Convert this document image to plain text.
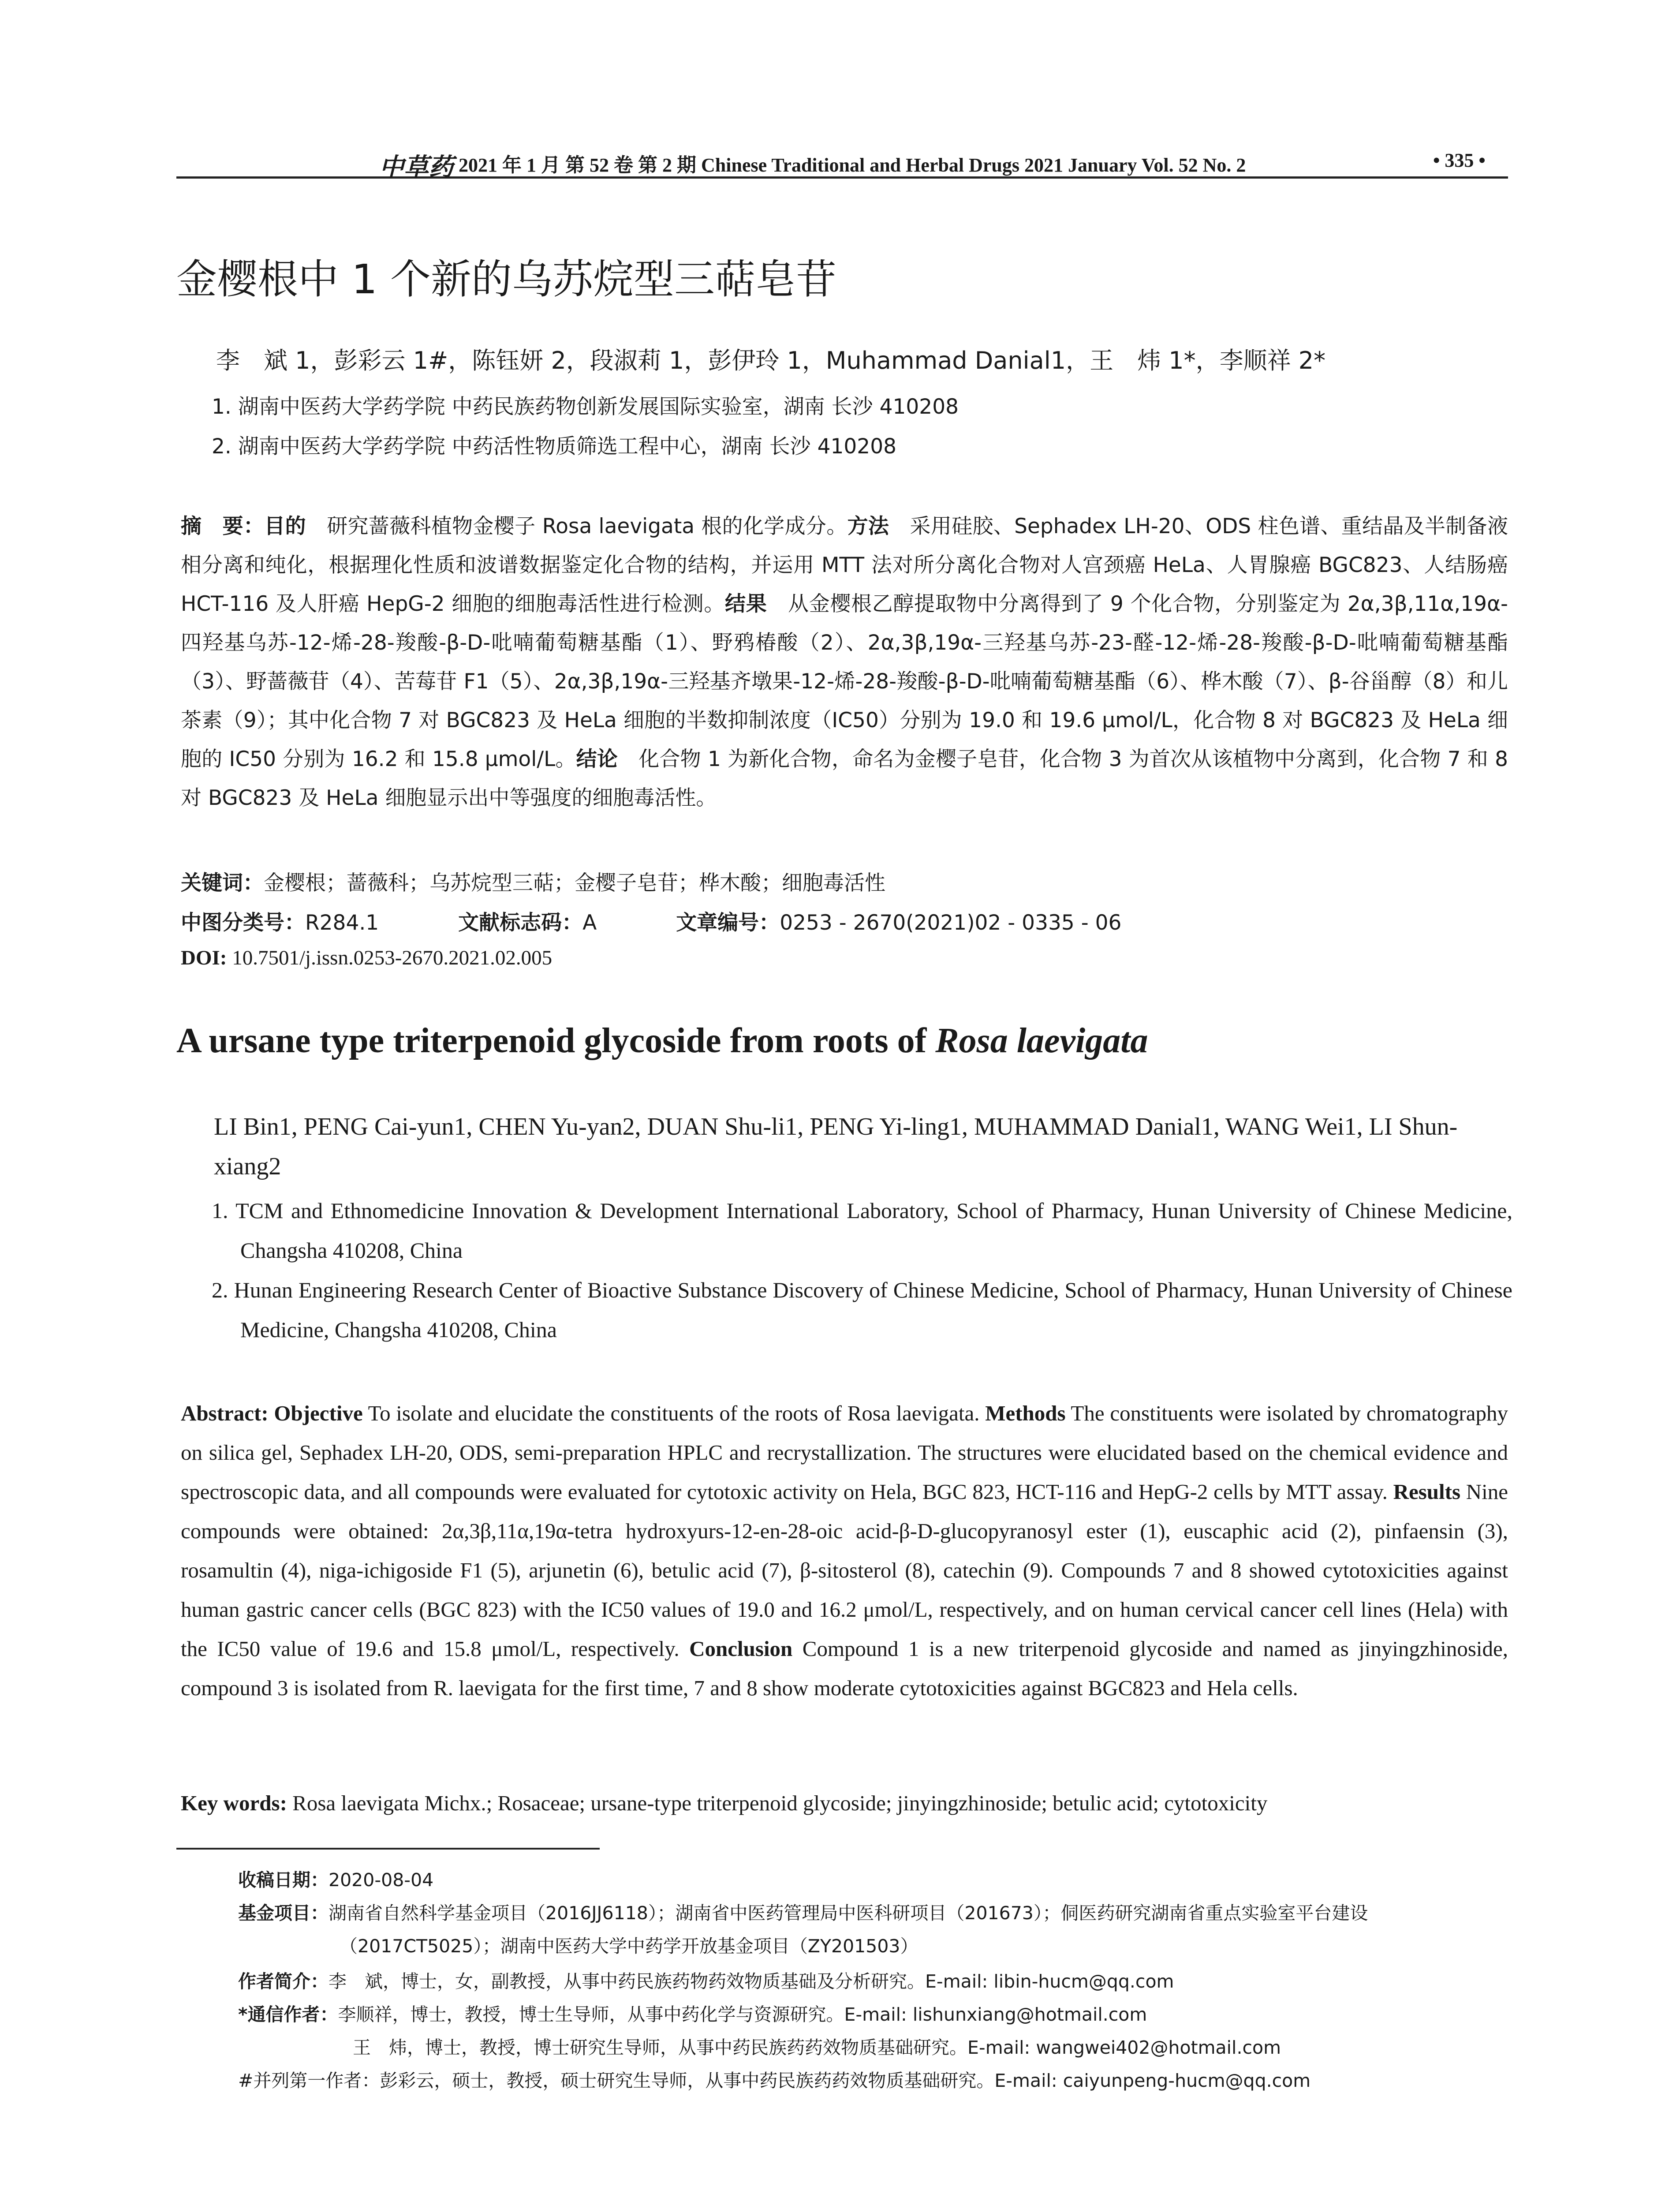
中草药 2021 年 1 月 第 52 卷 第 2 期 Chinese Traditional and Herbal Drugs 2021 January Vol. 52 No. 2	• 335 •
金樱根中 1 个新的乌苏烷型三萜皂苷
李　斌 1，彭彩云 1#，陈钰妍 2，段淑莉 1，彭伊玲 1，Muhammad Danial1，王　炜 1*，李顺祥 2*
1. 湖南中医药大学药学院 中药民族药物创新发展国际实验室，湖南 长沙 410208
2. 湖南中医药大学药学院 中药活性物质筛选工程中心，湖南 长沙 410208
摘　要：目的　研究蔷薇科植物金樱子 Rosa laevigata 根的化学成分。方法　采用硅胶、Sephadex LH-20、ODS 柱色谱、重结晶及半制备液相分离和纯化，根据理化性质和波谱数据鉴定化合物的结构，并运用 MTT 法对所分离化合物对人宫颈癌 HeLa、人胃腺癌 BGC823、人结肠癌 HCT-116 及人肝癌 HepG-2 细胞的细胞毒活性进行检测。结果　从金樱根乙醇提取物中分离得到了 9 个化合物，分别鉴定为 2α,3β,11α,19α-四羟基乌苏-12-烯-28-羧酸-β-D-吡喃葡萄糖基酯（1）、野鸦椿酸（2）、2α,3β,19α-三羟基乌苏-23-醛-12-烯-28-羧酸-β-D-吡喃葡萄糖基酯（3）、野蔷薇苷（4）、苦莓苷 F1（5）、2α,3β,19α-三羟基齐墩果-12-烯-28-羧酸-β-D-吡喃葡萄糖基酯（6）、桦木酸（7）、β-谷甾醇（8）和儿茶素（9）；其中化合物 7 对 BGC823 及 HeLa 细胞的半数抑制浓度（IC50）分别为 19.0 和 19.6 μmol/L，化合物 8 对 BGC823 及 HeLa 细胞的 IC50 分别为 16.2 和 15.8 μmol/L。结论　化合物 1 为新化合物，命名为金樱子皂苷，化合物 3 为首次从该植物中分离到，化合物 7 和 8 对 BGC823 及 HeLa 细胞显示出中等强度的细胞毒活性。
关键词：金樱根；蔷薇科；乌苏烷型三萜；金樱子皂苷；桦木酸；细胞毒活性
中图分类号：R284.1	文献标志码：A	文章编号：0253 - 2670(2021)02 - 0335 - 06
DOI: 10.7501/j.issn.0253-2670.2021.02.005
A ursane type triterpenoid glycoside from roots of Rosa laevigata
LI Bin1, PENG Cai-yun1, CHEN Yu-yan2, DUAN Shu-li1, PENG Yi-ling1, MUHAMMAD Danial1, WANG Wei1, LI Shun-xiang2
1. TCM and Ethnomedicine Innovation & Development International Laboratory, School of Pharmacy, Hunan University of Chinese Medicine, Changsha 410208, China
2. Hunan Engineering Research Center of Bioactive Substance Discovery of Chinese Medicine, School of Pharmacy, Hunan University of Chinese Medicine, Changsha 410208, China
Abstract: Objective To isolate and elucidate the constituents of the roots of Rosa laevigata. Methods The constituents were isolated by chromatography on silica gel, Sephadex LH-20, ODS, semi-preparation HPLC and recrystallization. The structures were elucidated based on the chemical evidence and spectroscopic data, and all compounds were evaluated for cytotoxic activity on Hela, BGC 823, HCT-116 and HepG-2 cells by MTT assay. Results Nine compounds were obtained: 2α,3β,11α,19α-tetra hydroxyurs-12-en-28-oic acid-β-D-glucopyranosyl ester (1), euscaphic acid (2), pinfaensin (3), rosamultin (4), niga-ichigoside F1 (5), arjunetin (6), betulic acid (7), β-sitosterol (8), catechin (9). Compounds 7 and 8 showed cytotoxicities against human gastric cancer cells (BGC 823) with the IC50 values of 19.0 and 16.2 μmol/L, respectively, and on human cervical cancer cell lines (Hela) with the IC50 value of 19.6 and 15.8 μmol/L, respectively. Conclusion Compound 1 is a new triterpenoid glycoside and named as jinyingzhinoside, compound 3 is isolated from R. laevigata for the first time, 7 and 8 show moderate cytotoxicities against BGC823 and Hela cells.
Key words: Rosa laevigata Michx.; Rosaceae; ursane-type triterpenoid glycoside; jinyingzhinoside; betulic acid; cytotoxicity
收稿日期：2020-08-04
基金项目：湖南省自然科学基金项目（2016JJ6118）；湖南省中医药管理局中医科研项目（201673）；侗医药研究湖南省重点实验室平台建设
（2017CT5025）；湖南中医药大学中药学开放基金项目（ZY201503）
作者简介：李　斌，博士，女，副教授，从事中药民族药物药效物质基础及分析研究。E-mail: libin-hucm@qq.com
*通信作者：李顺祥，博士，教授，博士生导师，从事中药化学与资源研究。E-mail: lishunxiang@hotmail.com
王　炜，博士，教授，博士研究生导师，从事中药民族药药效物质基础研究。E-mail: wangwei402@hotmail.com
#并列第一作者：彭彩云，硕士，教授，硕士研究生导师，从事中药民族药药效物质基础研究。E-mail: caiyunpeng-hucm@qq.com
